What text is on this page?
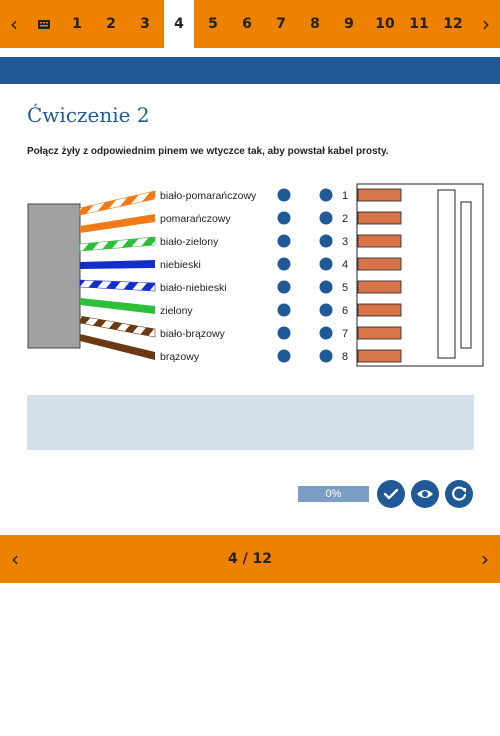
‹	1	2	3	4	5	6	7	8	9	10 11 12 ›
Ćwiczenie 2
Połącz żyły z odpowiednim pinem we wtyczce tak, aby powstał kabel prosty.
biało-pomarańczowy	1
pomarańczowy	2
biało-zielony	3
niebieski	4
biało-niebieski	5
zielony	6
biało-brązowy	7
brązowy	8
0%
‹	4 / 12	›
